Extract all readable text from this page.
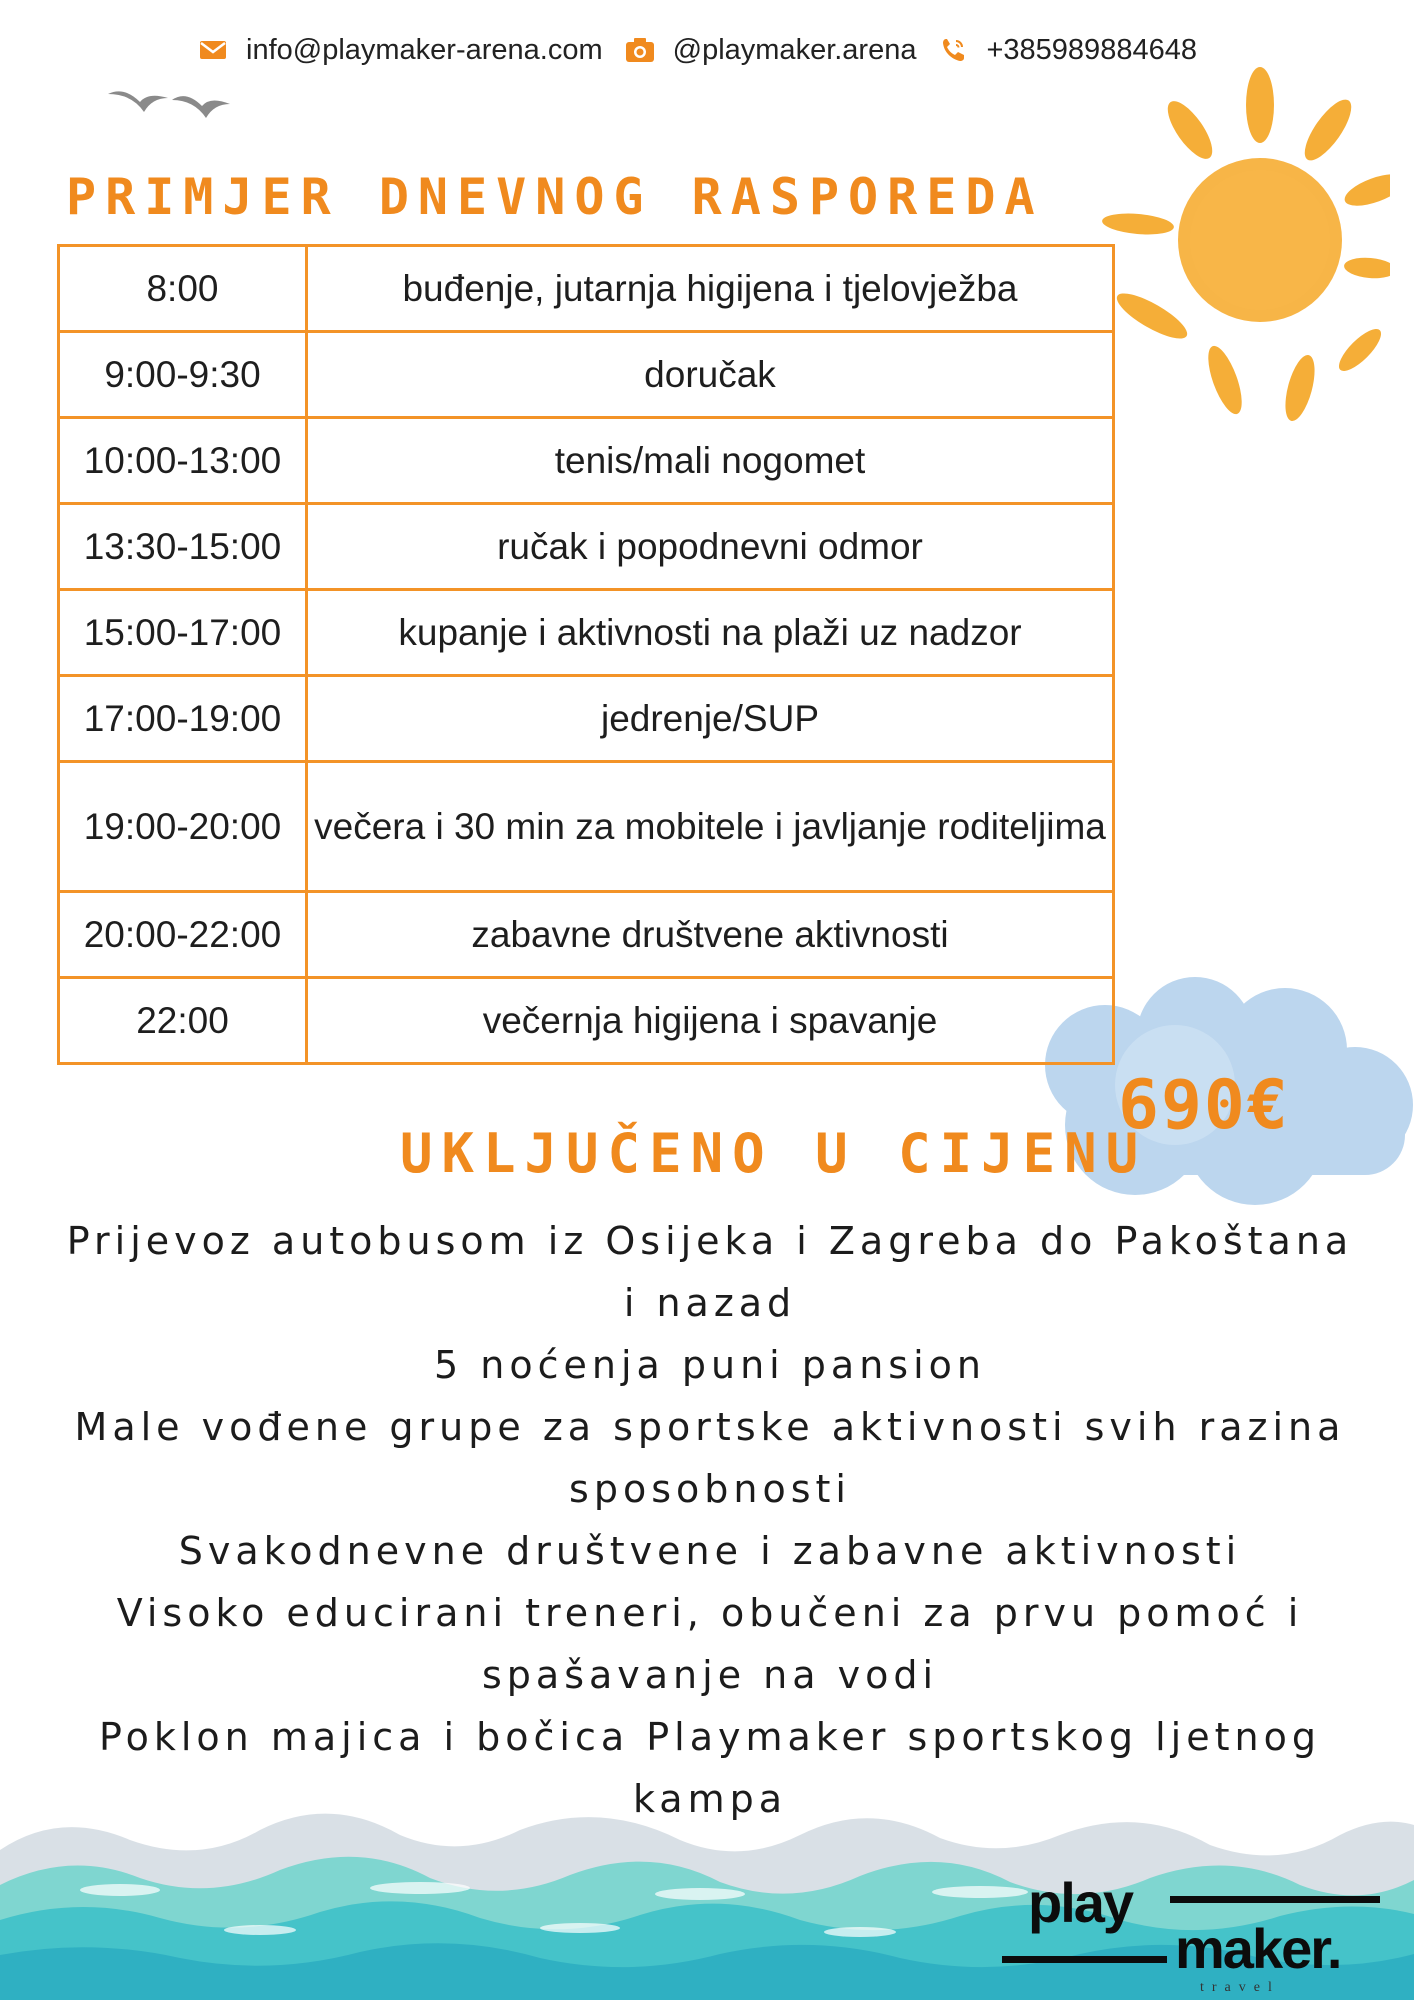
info@playmaker-arena.com @playmaker.arena +385989884648
PRIMJER DNEVNOG RASPOREDA
8:00	buđenje, jutarnja higijena i tjelovježba
9:00-9:30	doručak
10:00-13:00	tenis/mali nogomet
13:30-15:00	ručak i popodnevni odmor
15:00-17:00	kupanje i aktivnosti na plaži uz nadzor
17:00-19:00	jedrenje/SUP
19:00-20:00	večera i 30 min za mobitele i javljanje roditeljima
20:00-22:00	zabavne društvene aktivnosti
22:00	večernja higijena i spavanje
690€
UKLJUČENO U CIJENU
Prijevoz autobusom iz Osijeka i Zagreba do Pakoštana i nazad
5 noćenja puni pansion
Male vođene grupe za sportske aktivnosti svih razina sposobnosti
Svakodnevne društvene i zabavne aktivnosti
Visoko educirani treneri, obučeni za prvu pomoć i spašavanje na vodi
Poklon majica i bočica Playmaker sportskog ljetnog kampa
play
maker.
travel
